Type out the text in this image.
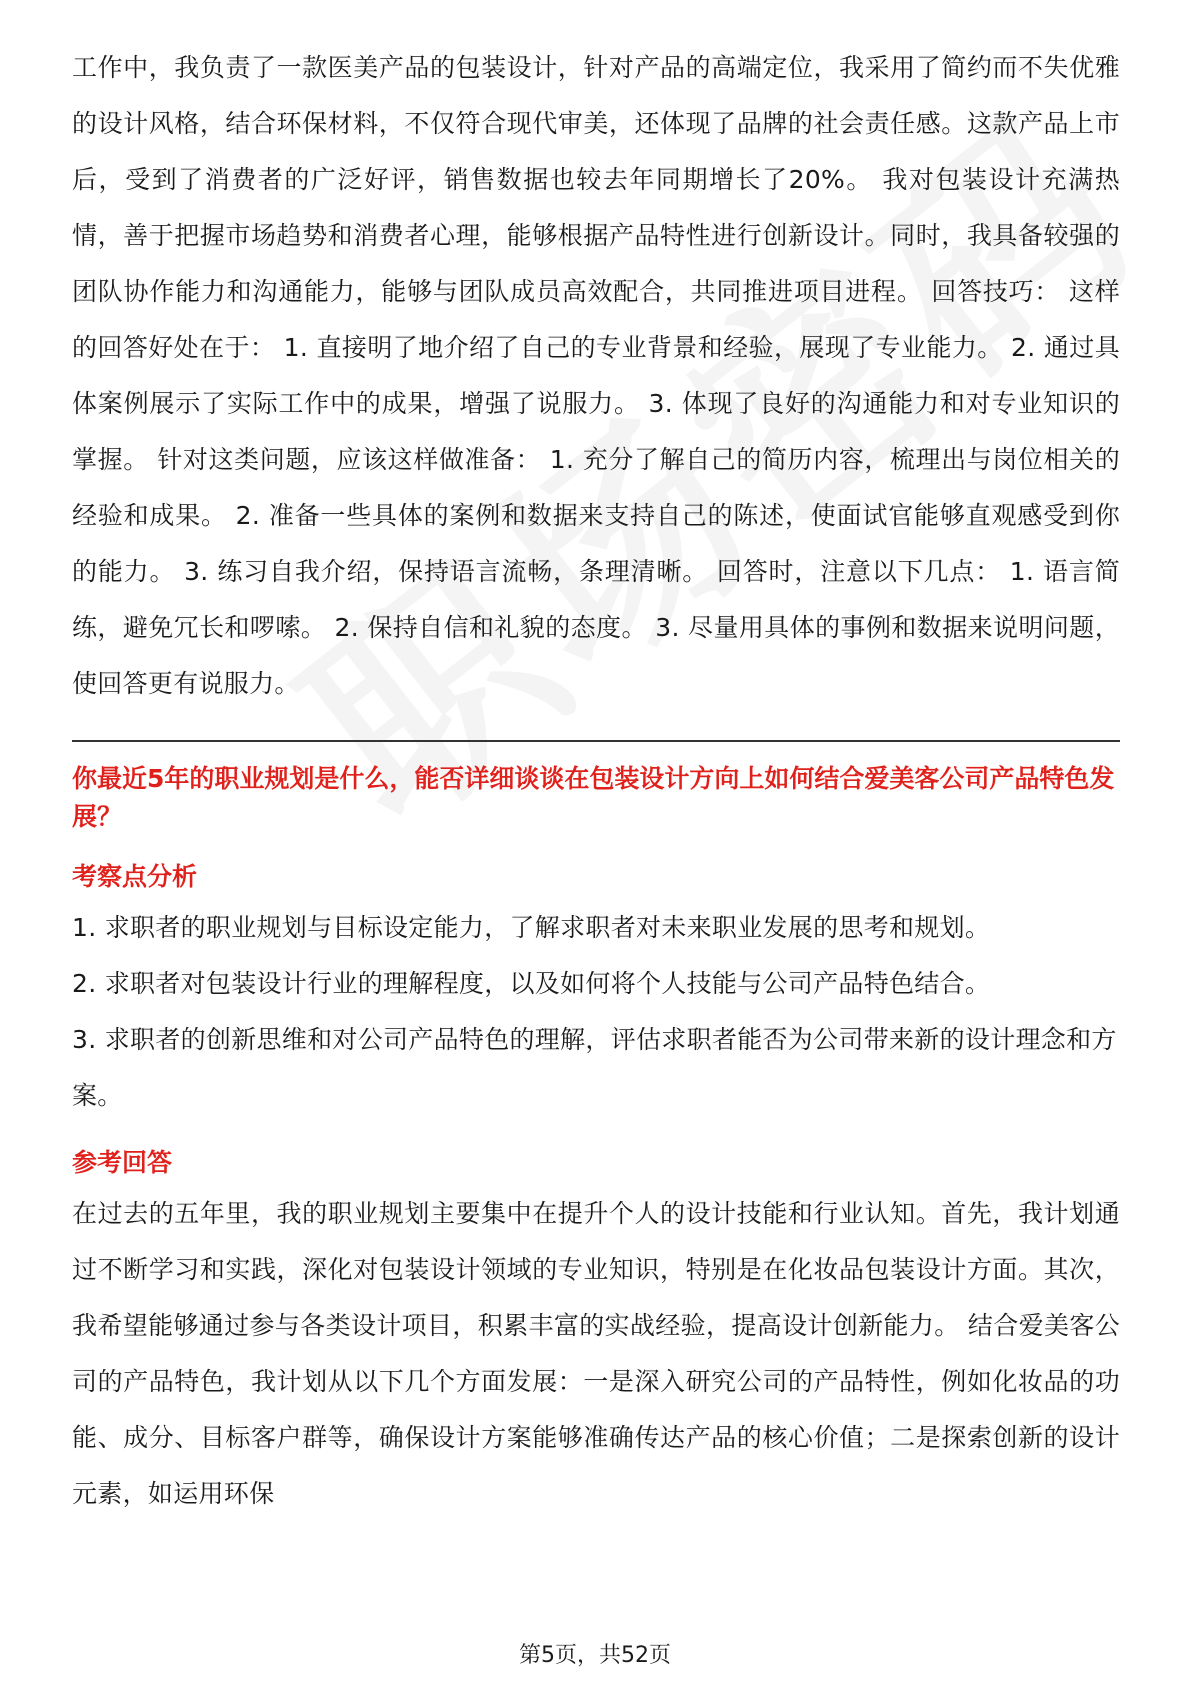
工作中，我负责了一款医美产品的包装设计，针对产品的高端定位，我采用了简约而不失优雅的设计风格，结合环保材料，不仅符合现代审美，还体现了品牌的社会责任感。这款产品上市后，受到了消费者的广泛好评，销售数据也较去年同期增长了20%。 我对包装设计充满热情，善于把握市场趋势和消费者心理，能够根据产品特性进行创新设计。同时，我具备较强的团队协作能力和沟通能力，能够与团队成员高效配合，共同推进项目进程。 回答技巧： 这样的回答好处在于： 1. 直接明了地介绍了自己的专业背景和经验，展现了专业能力。 2. 通过具体案例展示了实际工作中的成果，增强了说服力。 3. 体现了良好的沟通能力和对专业知识的掌握。 针对这类问题，应该这样做准备： 1. 充分了解自己的简历内容，梳理出与岗位相关的经验和成果。 2. 准备一些具体的案例和数据来支持自己的陈述，使面试官能够直观感受到你的能力。 3. 练习自我介绍，保持语言流畅，条理清晰。 回答时，注意以下几点： 1. 语言简练，避免冗长和啰嗦。 2. 保持自信和礼貌的态度。 3. 尽量用具体的事例和数据来说明问题，使回答更有说服力。

你最近5年的职业规划是什么，能否详细谈谈在包装设计方向上如何结合爱美客公司产品特色发展？
考察点分析
1. 求职者的职业规划与目标设定能力，了解求职者对未来职业发展的思考和规划。
2. 求职者对包装设计行业的理解程度，以及如何将个人技能与公司产品特色结合。
3. 求职者的创新思维和对公司产品特色的理解，评估求职者能否为公司带来新的设计理念和方案。
参考回答

在过去的五年里，我的职业规划主要集中在提升个人的设计技能和行业认知。首先，我计划通过不断学习和实践，深化对包装设计领域的专业知识，特别是在化妆品包装设计方面。其次，我希望能够通过参与各类设计项目，积累丰富的实战经验，提高设计创新能力。 结合爱美客公司的产品特色，我计划从以下几个方面发展：一是深入研究公司的产品特性，例如化妆品的功能、成分、目标客户群等，确保设计方案能够准确传达产品的核心价值；二是探索创新的设计元素，如运用环保

第5页，共52页
